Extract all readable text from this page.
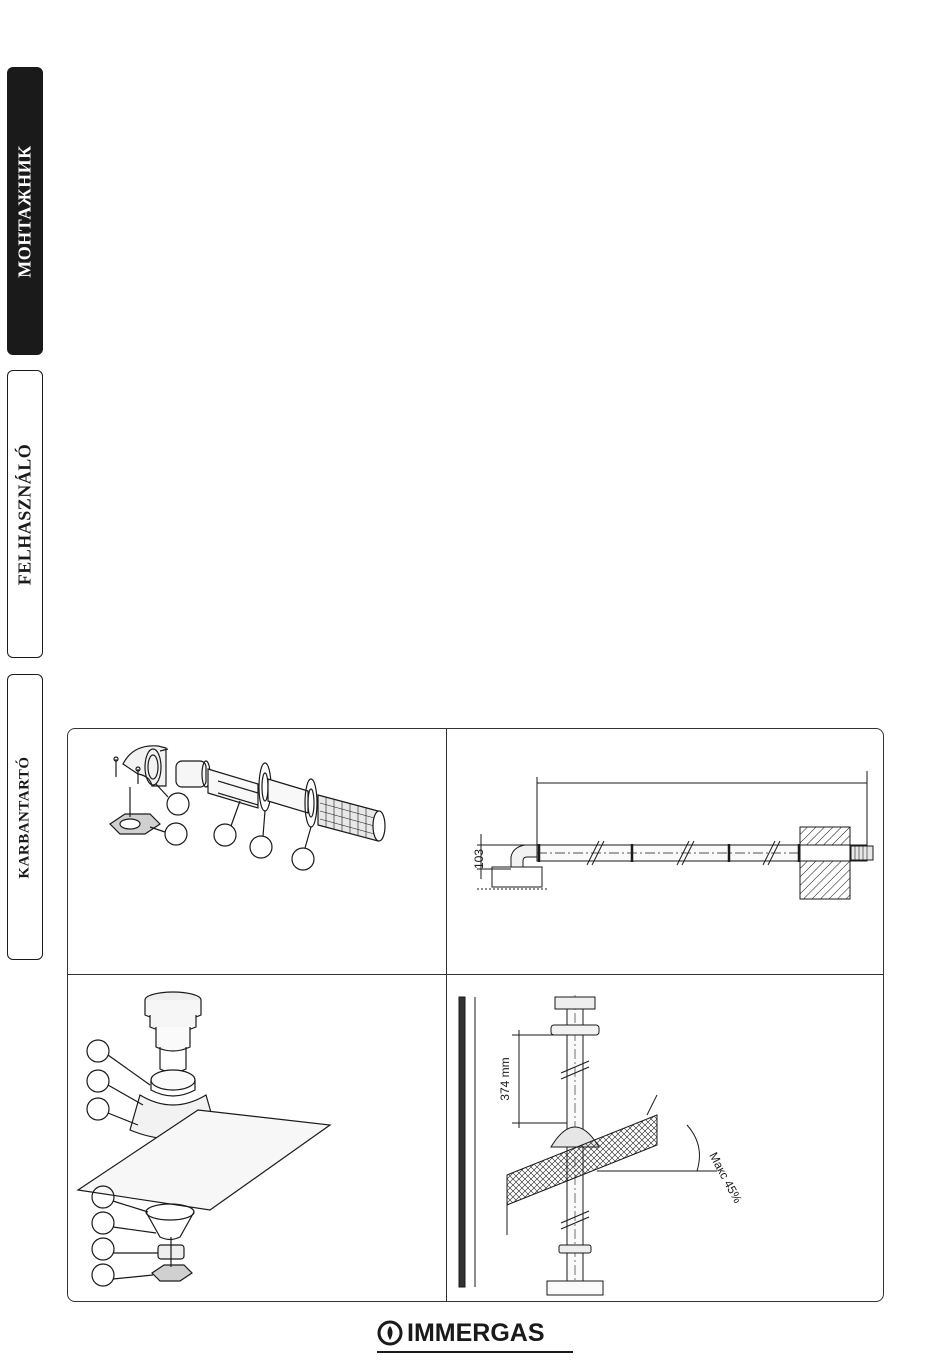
МОНТАЖНИК
FELHASZNÁLÓ
KARBANTARTÓ	103
374 mm
Макс 45%
IMMERGAS
